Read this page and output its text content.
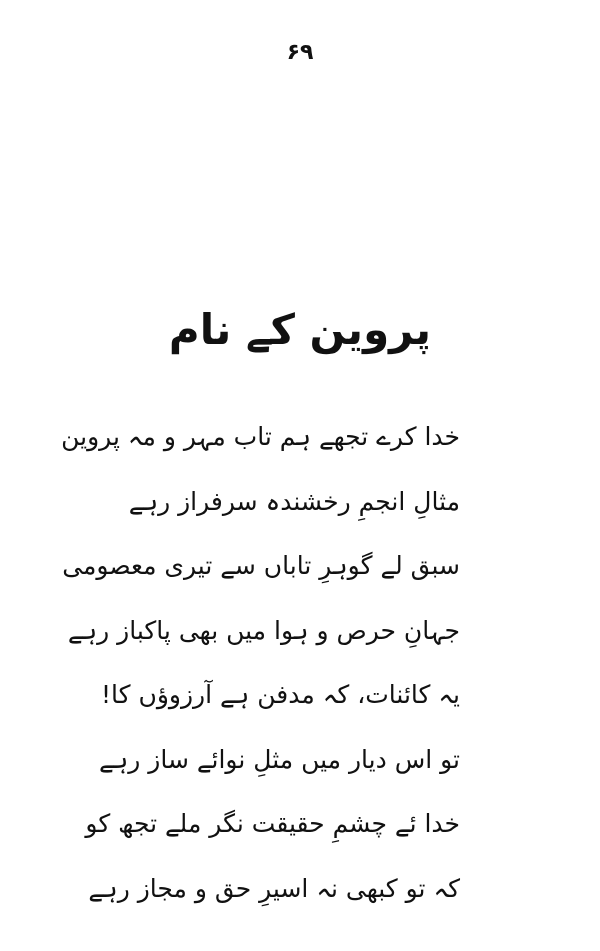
۶۹
پروین کے نام
خدا کرے تجھے ہم تاب مہر و مہ پروین
مثالِ انجمِ رخشندہ سرفراز رہے
سبق لے گوہرِ تاباں سے تیری معصومی
جہانِ حرص و ہوا میں بھی پاکباز رہے
یہ کائنات، کہ مدفن ہے آرزوؤں کا!
تو اس دیار میں مثلِ نوائے ساز رہے
خدا ئے چشمِ حقیقت نگر ملے تجھ کو
کہ تو کبھی نہ اسیرِ حق و مجاز رہے
